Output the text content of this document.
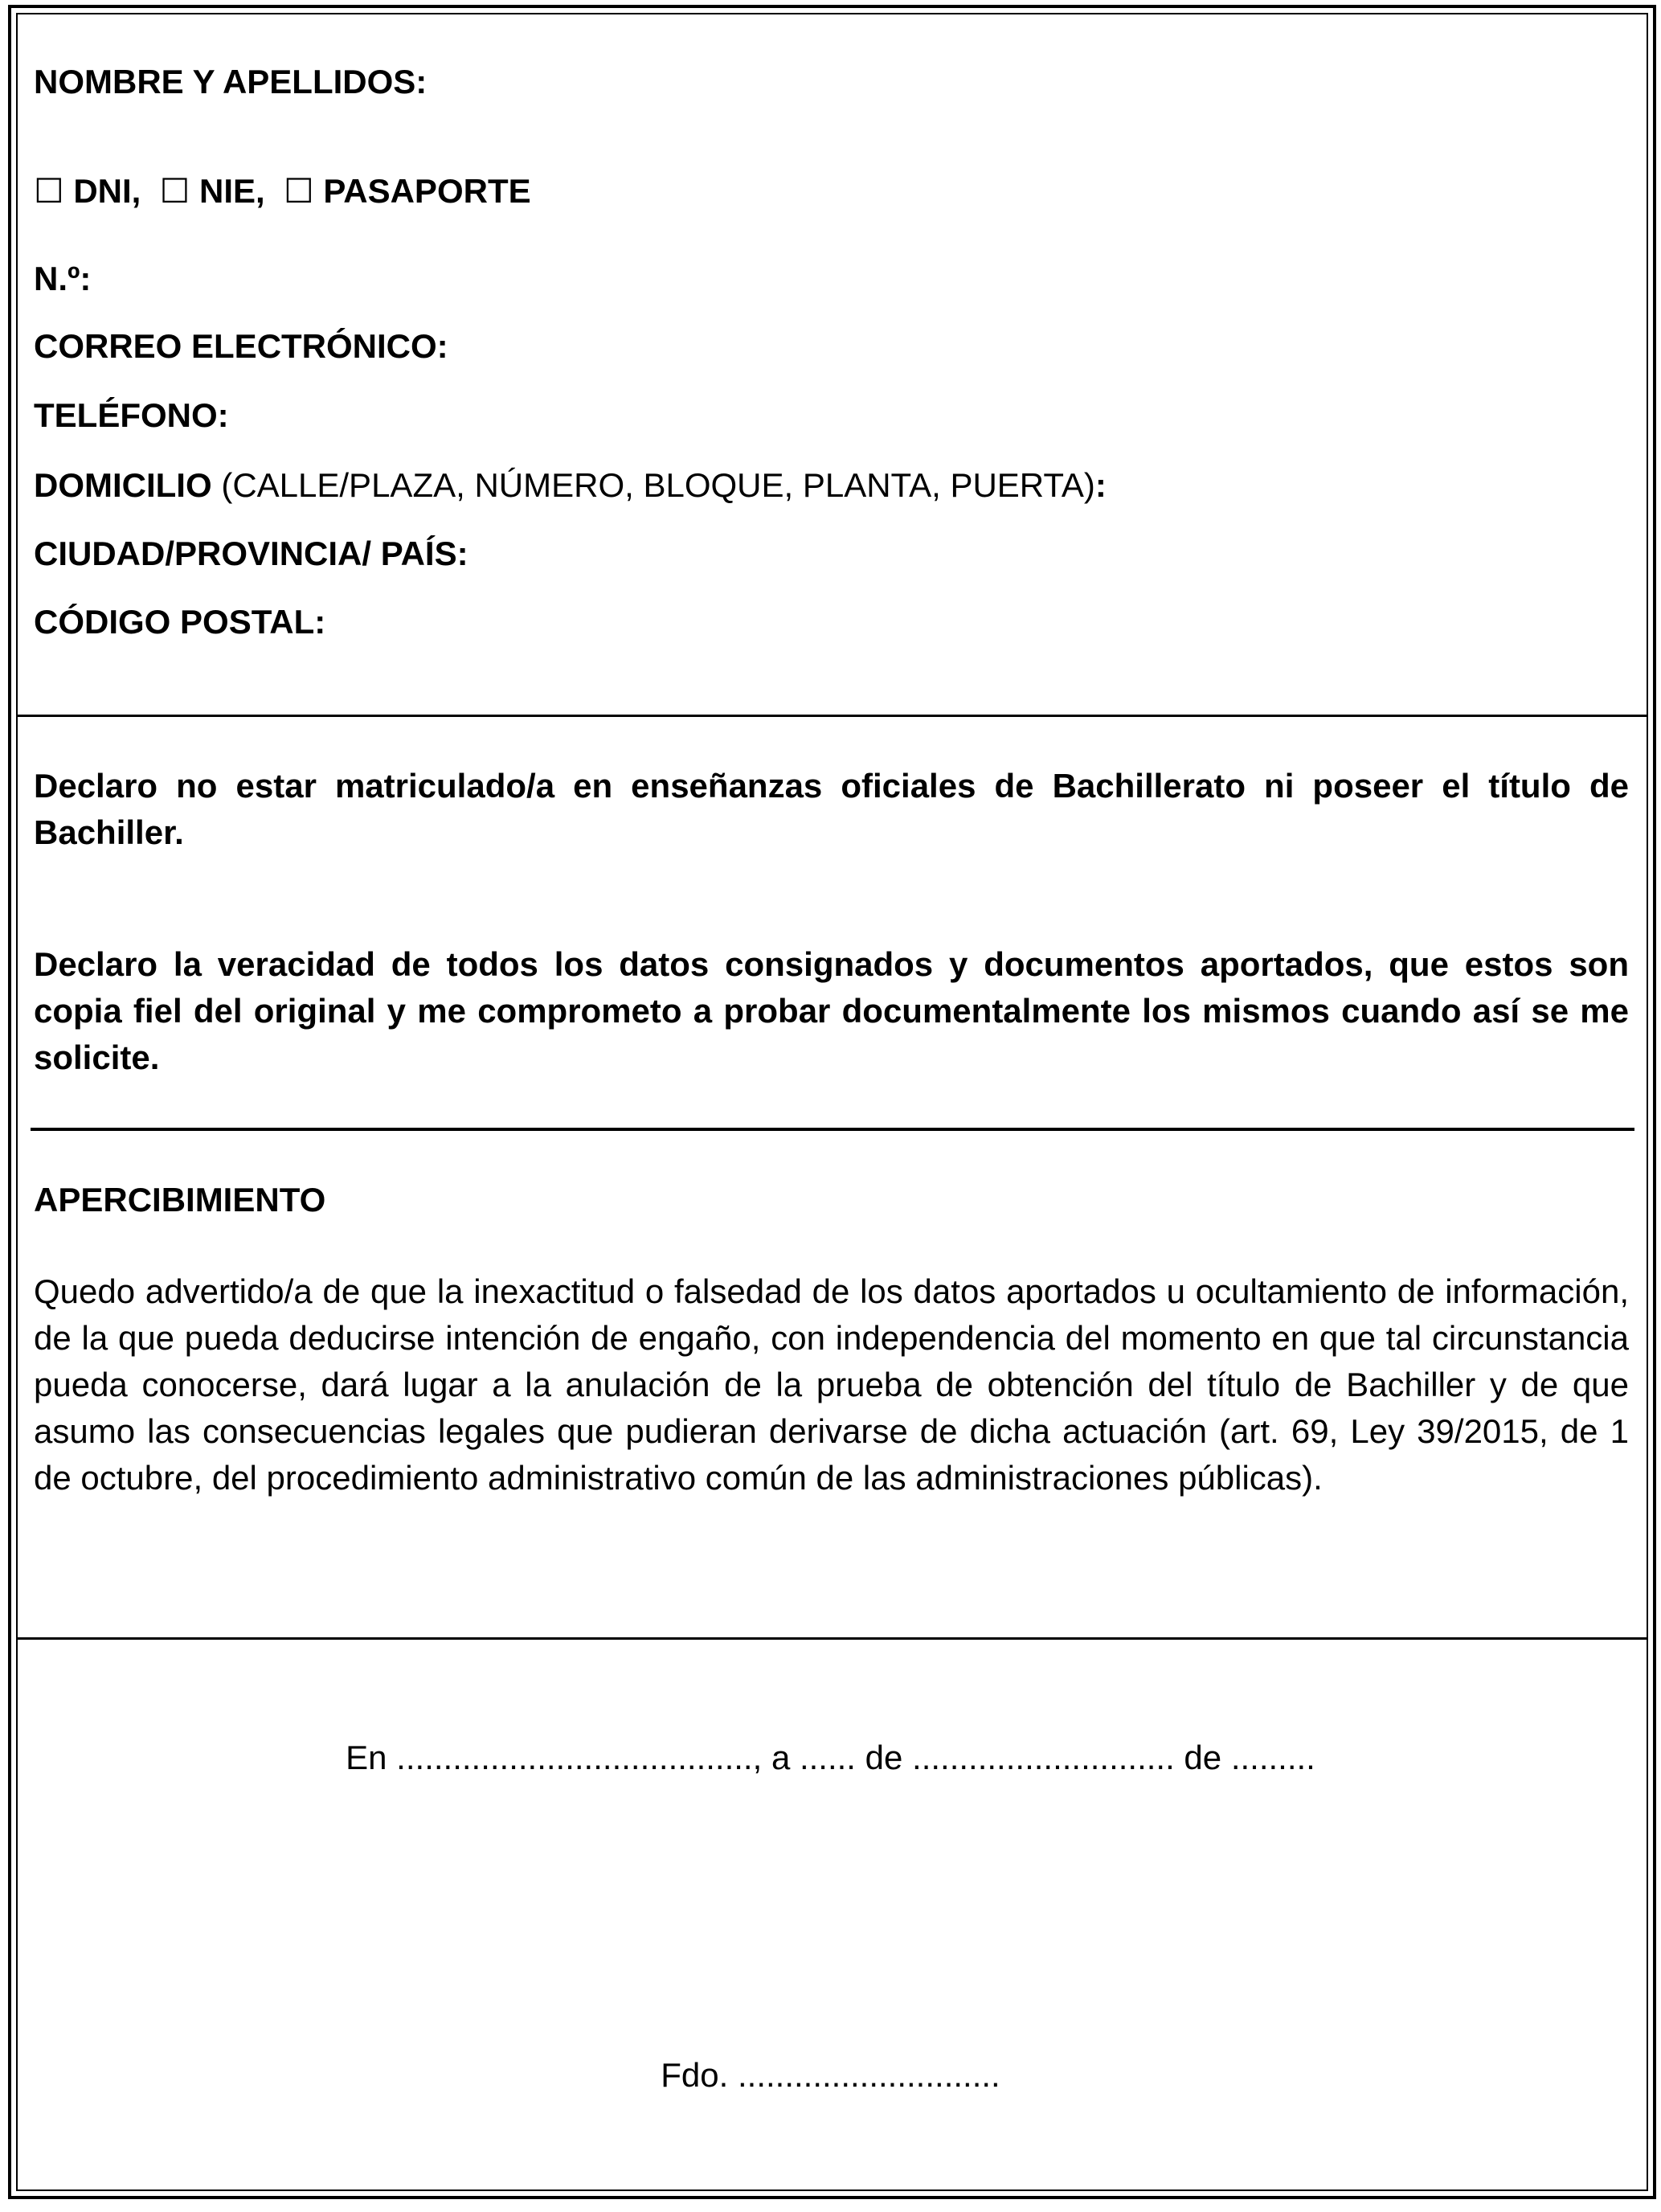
NOMBRE Y APELLIDOS:
☐ DNI, ☐ NIE, ☐ PASAPORTE
N.º:
CORREO ELECTRÓNICO:
TELÉFONO:
DOMICILIO (CALLE/PLAZA, NÚMERO, BLOQUE, PLANTA, PUERTA):
CIUDAD/PROVINCIA/ PAÍS:
CÓDIGO POSTAL:
Declaro no estar matriculado/a en enseñanzas oficiales de Bachillerato ni poseer el título de Bachiller.
Declaro la veracidad de todos los datos consignados y documentos aportados, que estos son copia fiel del original y me comprometo a probar documentalmente los mismos cuando así se me solicite.
APERCIBIMIENTO
Quedo advertido/a de que la inexactitud o falsedad de los datos aportados u ocultamiento de información, de la que pueda deducirse intención de engaño, con independencia del momento en que tal circunstancia pueda conocerse, dará lugar a la anulación de la prueba de obtención del título de Bachiller y de que asumo las consecuencias legales que pudieran derivarse de dicha actuación (art. 69, Ley 39/2015, de 1 de octubre, del procedimiento administrativo común de las administraciones públicas).
En ......................................, a ...... de ............................ de .........
Fdo. ............................
